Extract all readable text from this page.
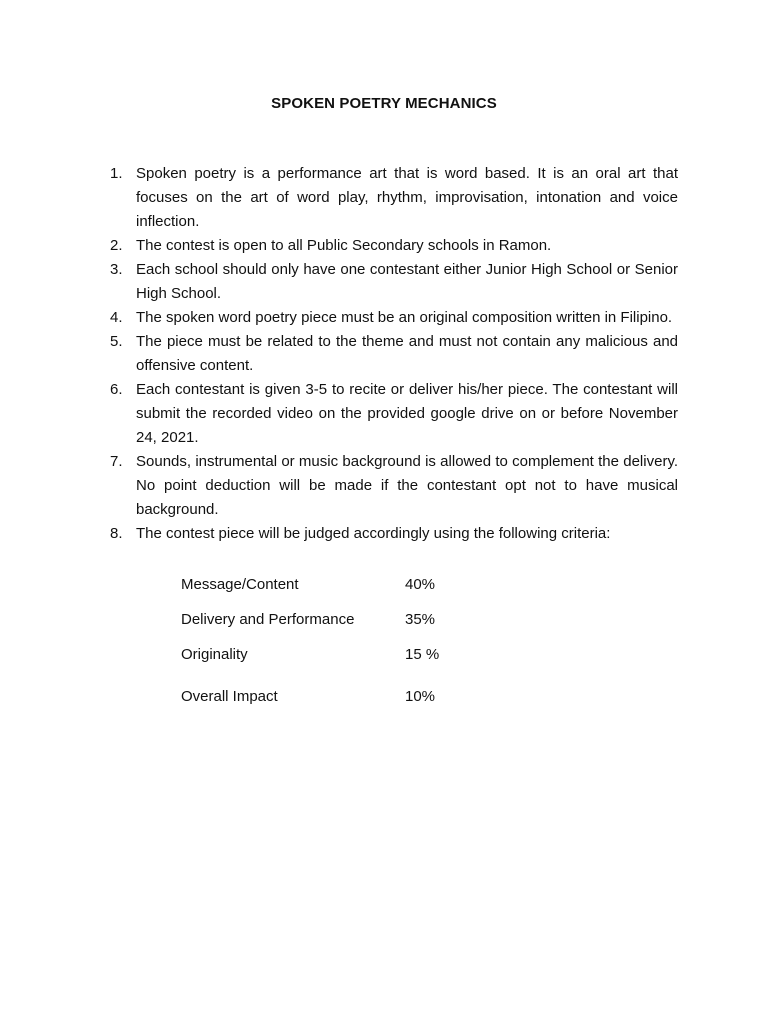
SPOKEN POETRY MECHANICS
1. Spoken poetry is a performance art that is word based. It is an oral art that focuses on the art of word play, rhythm, improvisation, intonation and voice inflection.
2. The contest is open to all Public Secondary schools in Ramon.
3. Each school should only have one contestant either Junior High School or Senior High School.
4. The spoken word poetry piece must be an original composition written in Filipino.
5. The piece must be related to the theme and must not contain any malicious and offensive content.
6. Each contestant is given 3-5 to recite or deliver his/her piece. The contestant will submit the recorded video on the provided google drive on or before November 24, 2021.
7. Sounds, instrumental or music background is allowed to complement the delivery. No point deduction will be made if the contestant opt not to have musical background.
8. The contest piece will be judged accordingly using the following criteria:
Message/Content	40%
Delivery and Performance	35%
Originality	15 %
Overall Impact	10%
